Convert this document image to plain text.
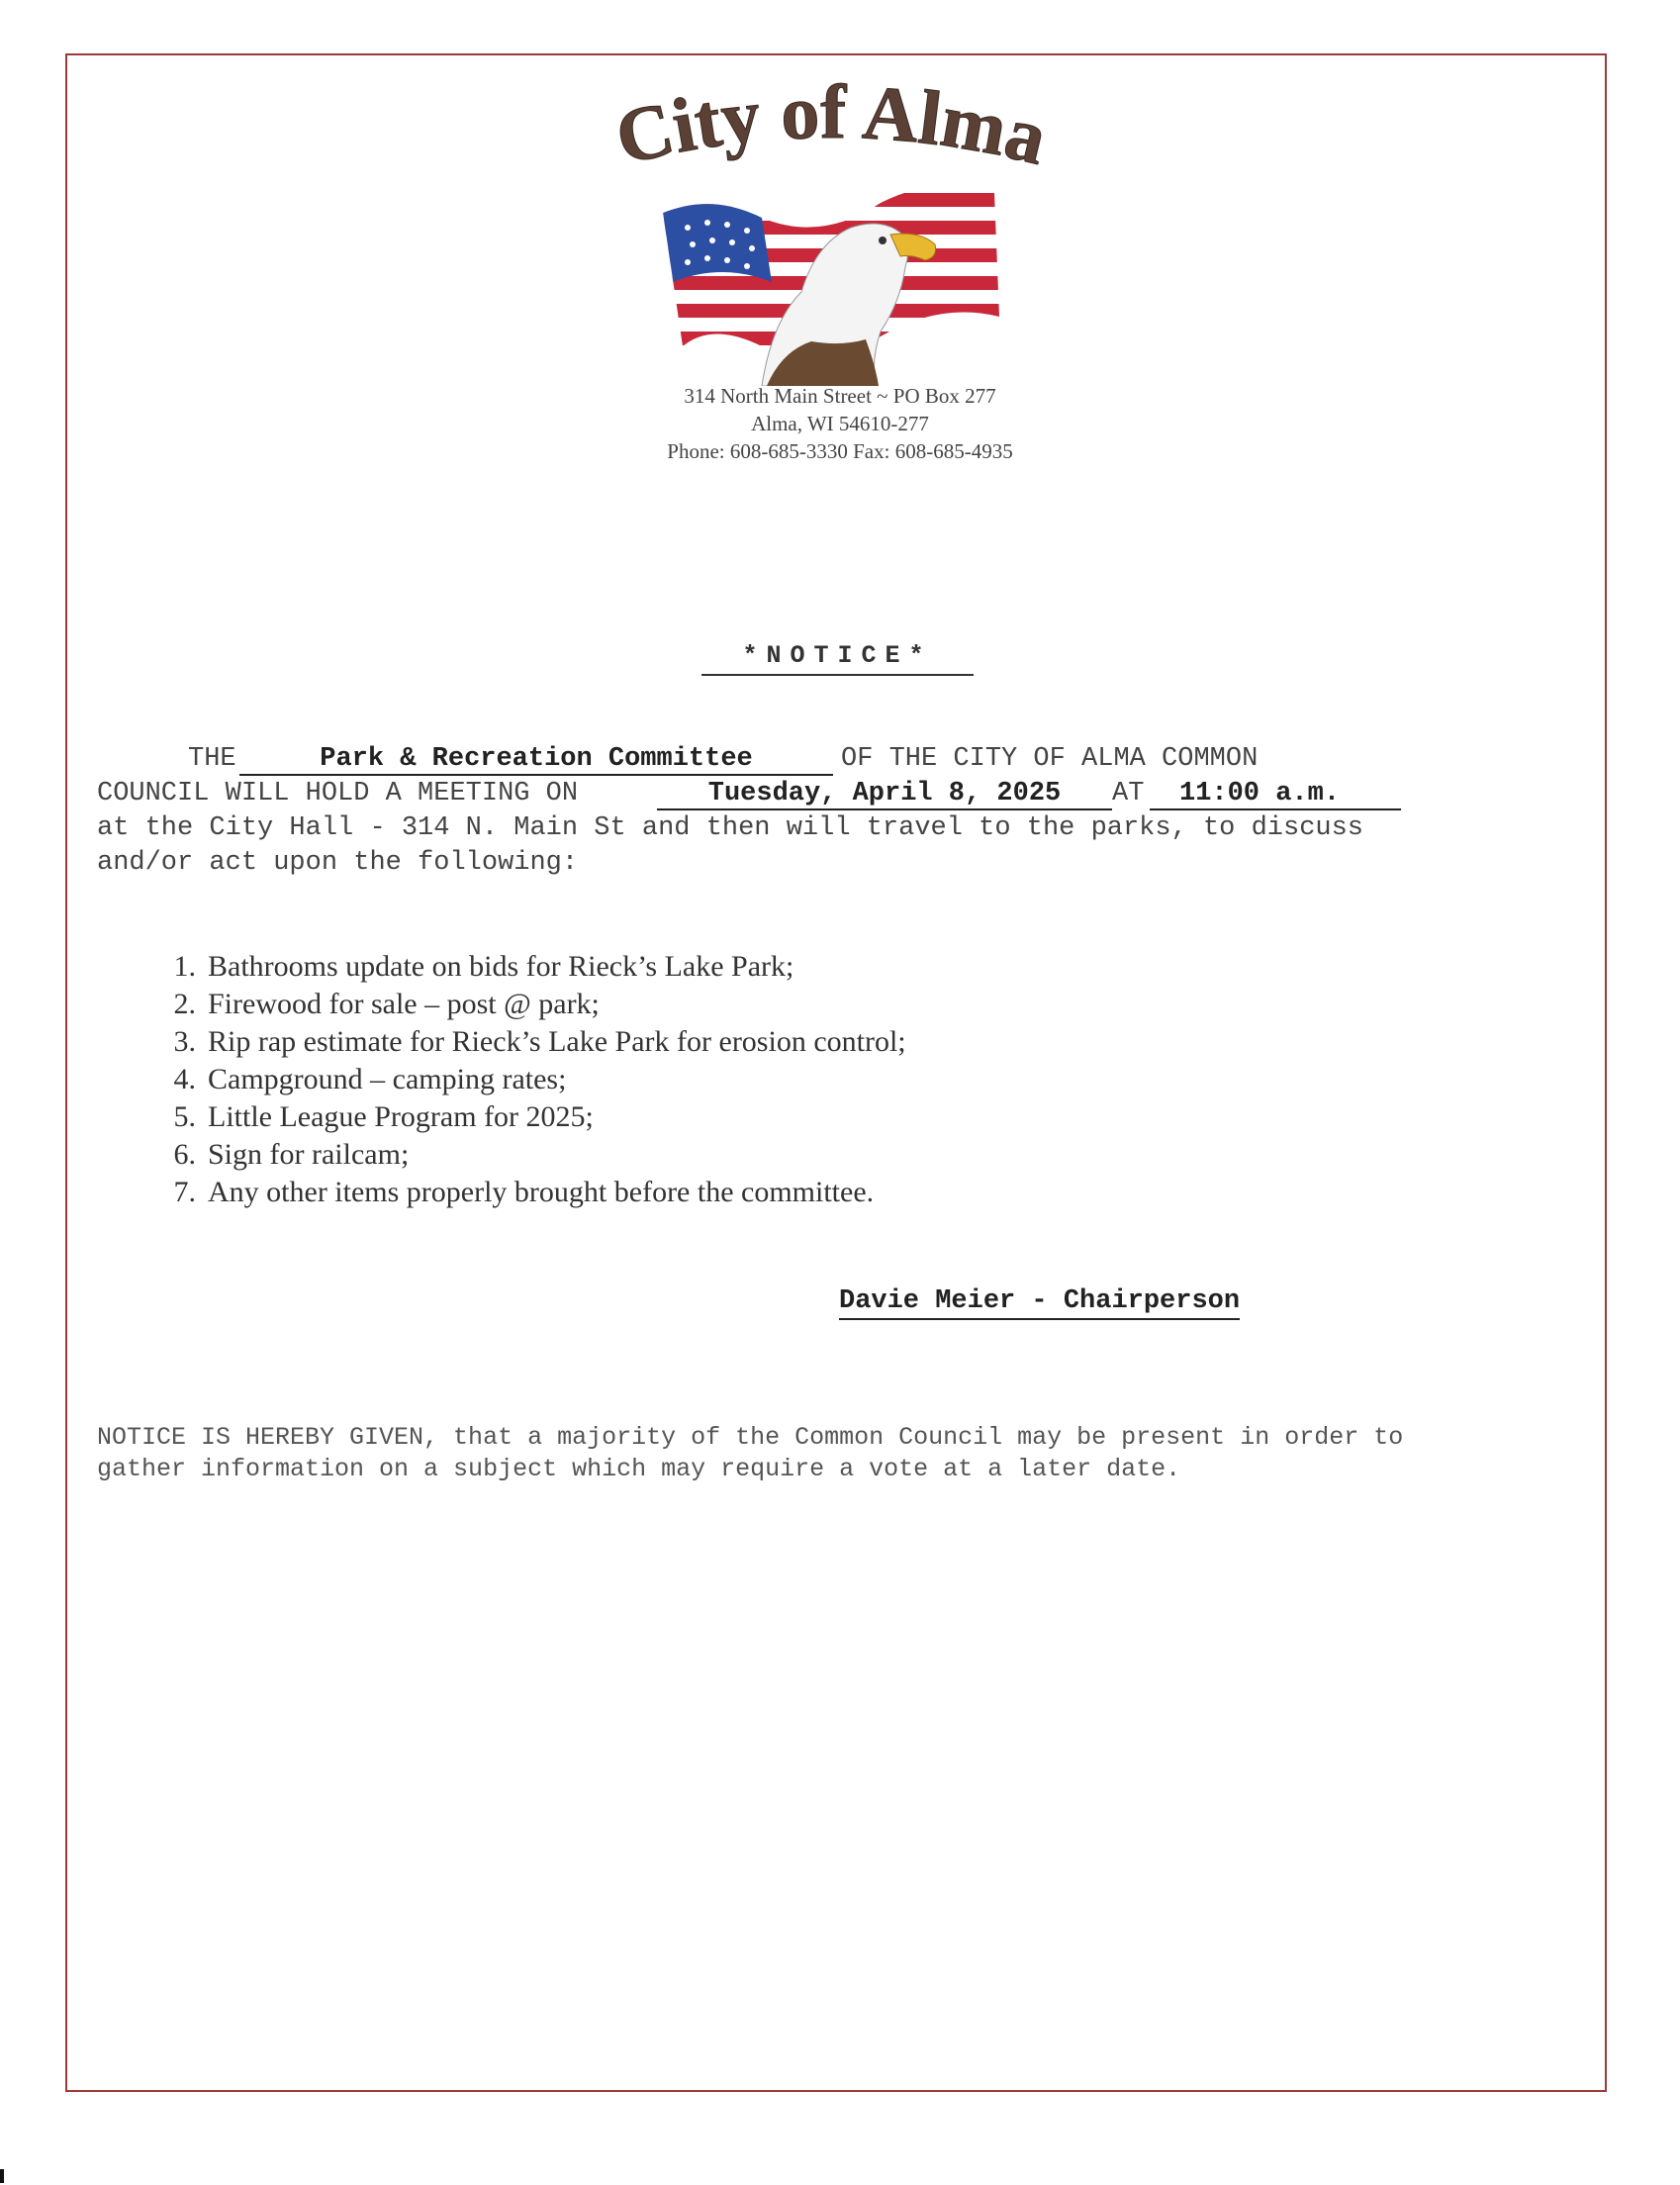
City of Alma
314 North Main Street ~ PO Box 277
Alma, WI 54610-277
Phone: 608-685-3330 Fax: 608-685-4935
*NOTICE*
THE	Park & Recreation Committee	OF THE CITY OF ALMA COMMON
COUNCIL WILL HOLD A MEETING ON	Tuesday, April 8, 2025	AT	11:00 a.m.
at the City Hall - 314 N. Main St and then will travel to the parks, to discuss
and/or act upon the following:
1. Bathrooms update on bids for Rieck’s Lake Park;
2. Firewood for sale – post @ park;
3. Rip rap estimate for Rieck’s Lake Park for erosion control;
4. Campground – camping rates;
5. Little League Program for 2025;
6. Sign for railcam;
7. Any other items properly brought before the committee.
Davie Meier - Chairperson
NOTICE IS HEREBY GIVEN, that a majority of the Common Council may be present in order to
gather information on a subject which may require a vote at a later date.
